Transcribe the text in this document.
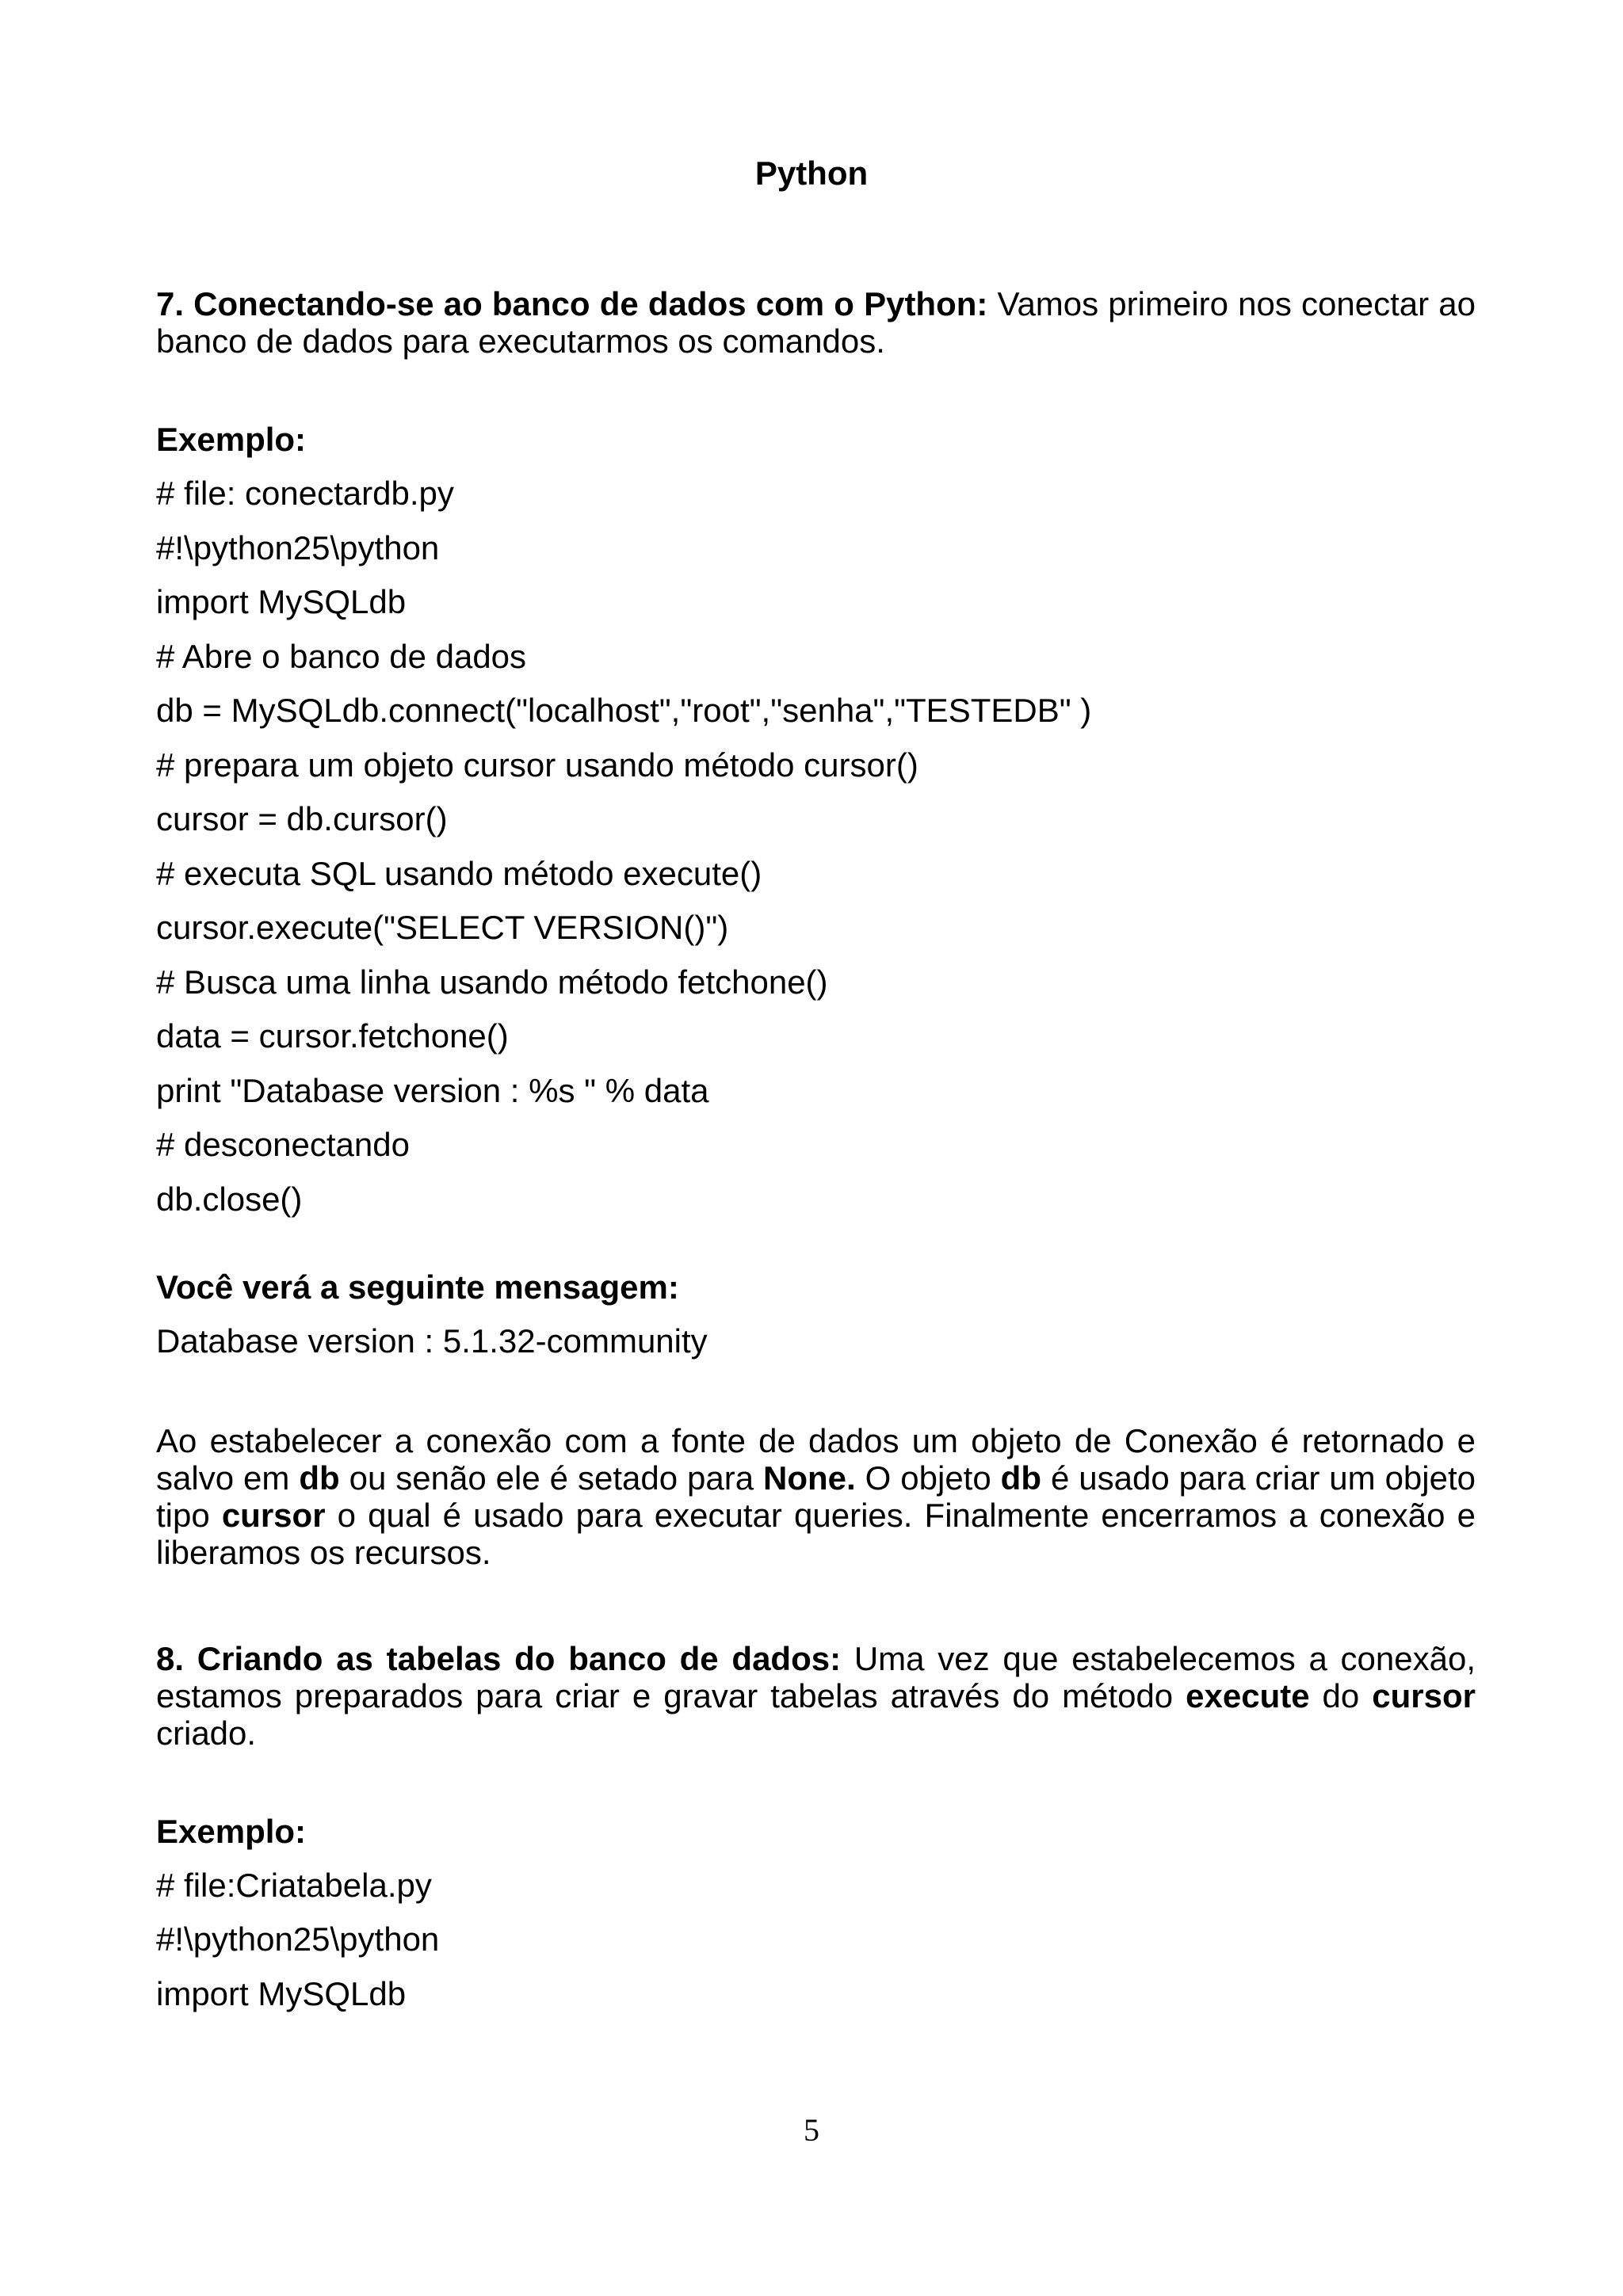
Python

7. Conectando-se ao banco de dados com o Python: Vamos primeiro nos conectar ao banco de dados para executarmos os comandos.

Exemplo:

# file: conectardb.py

#!\python25\python

import MySQLdb

# Abre o banco de dados

db = MySQLdb.connect("localhost","root","senha","TESTEDB" )

# prepara um objeto cursor usando método cursor()

cursor = db.cursor()

# executa SQL usando método execute()

cursor.execute("SELECT VERSION()")

# Busca uma linha usando método fetchone()

data = cursor.fetchone()

print "Database version : %s " % data

# desconectando

db.close()

Você verá a seguinte mensagem:

Database version : 5.1.32-community

Ao estabelecer a conexão com a fonte de dados um objeto de Conexão é retornado e salvo em db ou senão ele é setado para None. O objeto db é usado para criar um objeto tipo cursor o qual é usado para executar queries. Finalmente encerramos a conexão e liberamos os recursos.

8. Criando as tabelas do banco de dados: Uma vez que estabelecemos a conexão, estamos preparados para criar e gravar tabelas através do método execute do cursor criado.

Exemplo:

# file:Criatabela.py

#!\python25\python

import MySQLdb

5
